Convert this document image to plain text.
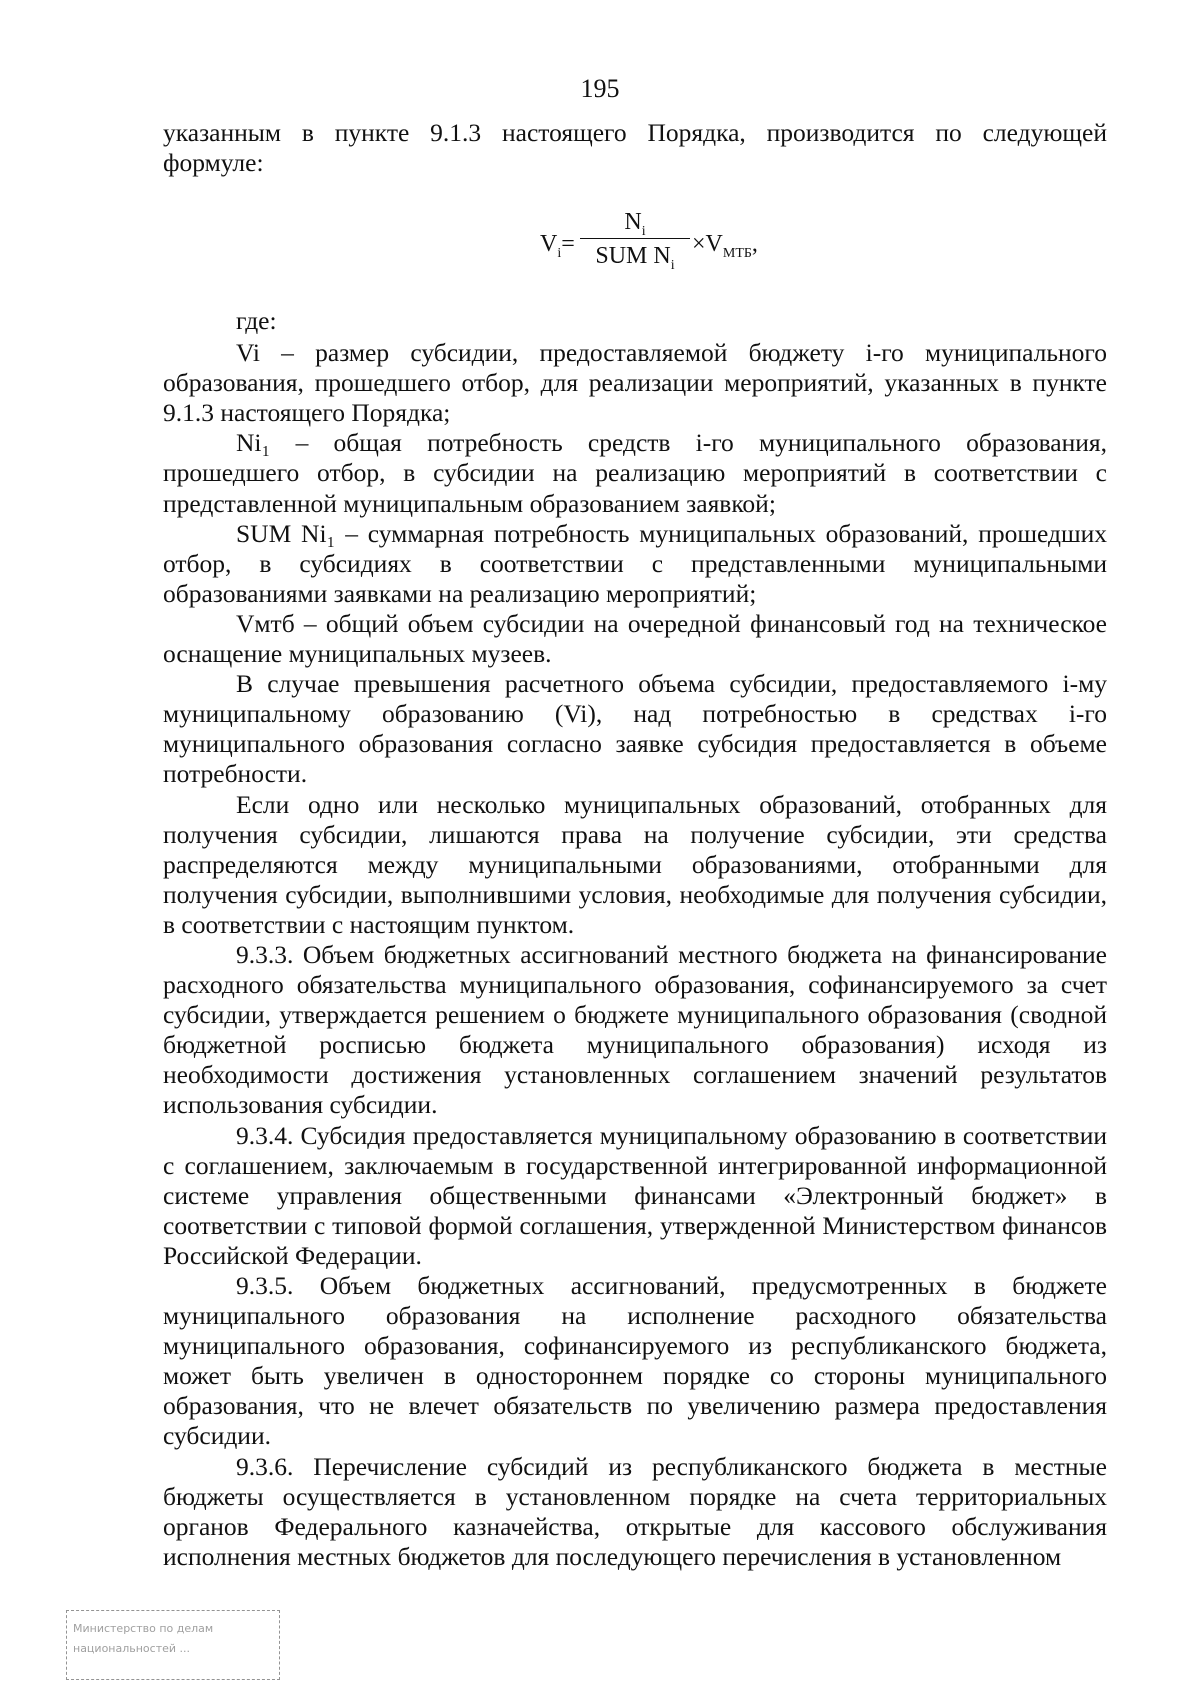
195

указанным в пункте 9.1.3 настоящего Порядка, производится по следующей

формуле:

$V_i=$
$N_i$
SUM $N_i$
$\times V_{МТБ}$,

где:

Vi – размер субсидии, предоставляемой бюджету i-го муниципального образования, прошедшего отбор, для реализации мероприятий, указанных в пункте 9.1.3 настоящего Порядка;

Ni₁ – общая потребность средств i-го муниципального образования, прошедшего отбор, в субсидии на реализацию мероприятий в соответствии с представленной муниципальным образованием заявкой;

SUM Ni₁ – суммарная потребность муниципальных образований, прошедших отбор, в субсидиях в соответствии с представленными муниципальными образованиями заявками на реализацию мероприятий;

Vмтб – общий объем субсидии на очередной финансовый год на техническое оснащение муниципальных музеев.

В случае превышения расчетного объема субсидии, предоставляемого i-му муниципальному образованию (Vi), над потребностью в средствах i-го муниципального образования согласно заявке субсидия предоставляется в объеме потребности.

Если одно или несколько муниципальных образований, отобранных для получения субсидии, лишаются права на получение субсидии, эти средства распределяются между муниципальными образованиями, отобранными для получения субсидии, выполнившими условия, необходимые для получения субсидии, в соответствии с настоящим пунктом.

9.3.3. Объем бюджетных ассигнований местного бюджета на финансирование расходного обязательства муниципального образования, софинансируемого за счет субсидии, утверждается решением о бюджете муниципального образования (сводной бюджетной росписью бюджета муниципального образования) исходя из необходимости достижения установленных соглашением значений результатов использования субсидии.

9.3.4. Субсидия предоставляется муниципальному образованию в соответствии с соглашением, заключаемым в государственной интегрированной информационной системе управления общественными финансами «Электронный бюджет» в соответствии с типовой формой соглашения, утвержденной Министерством финансов Российской Федерации.

9.3.5. Объем бюджетных ассигнований, предусмотренных в бюджете муниципального образования на исполнение расходного обязательства муниципального образования, софинансируемого из республиканского бюджета, может быть увеличен в одностороннем порядке со стороны муниципального образования, что не влечет обязательств по увеличению размера предоставления субсидии.

9.3.6. Перечисление субсидий из республиканского бюджета в местные бюджеты осуществляется в установленном порядке на счета территориальных органов Федерального казначейства, открытые для кассового обслуживания исполнения местных бюджетов для последующего перечисления в установленном

Министерство по делам
национальностей ...
